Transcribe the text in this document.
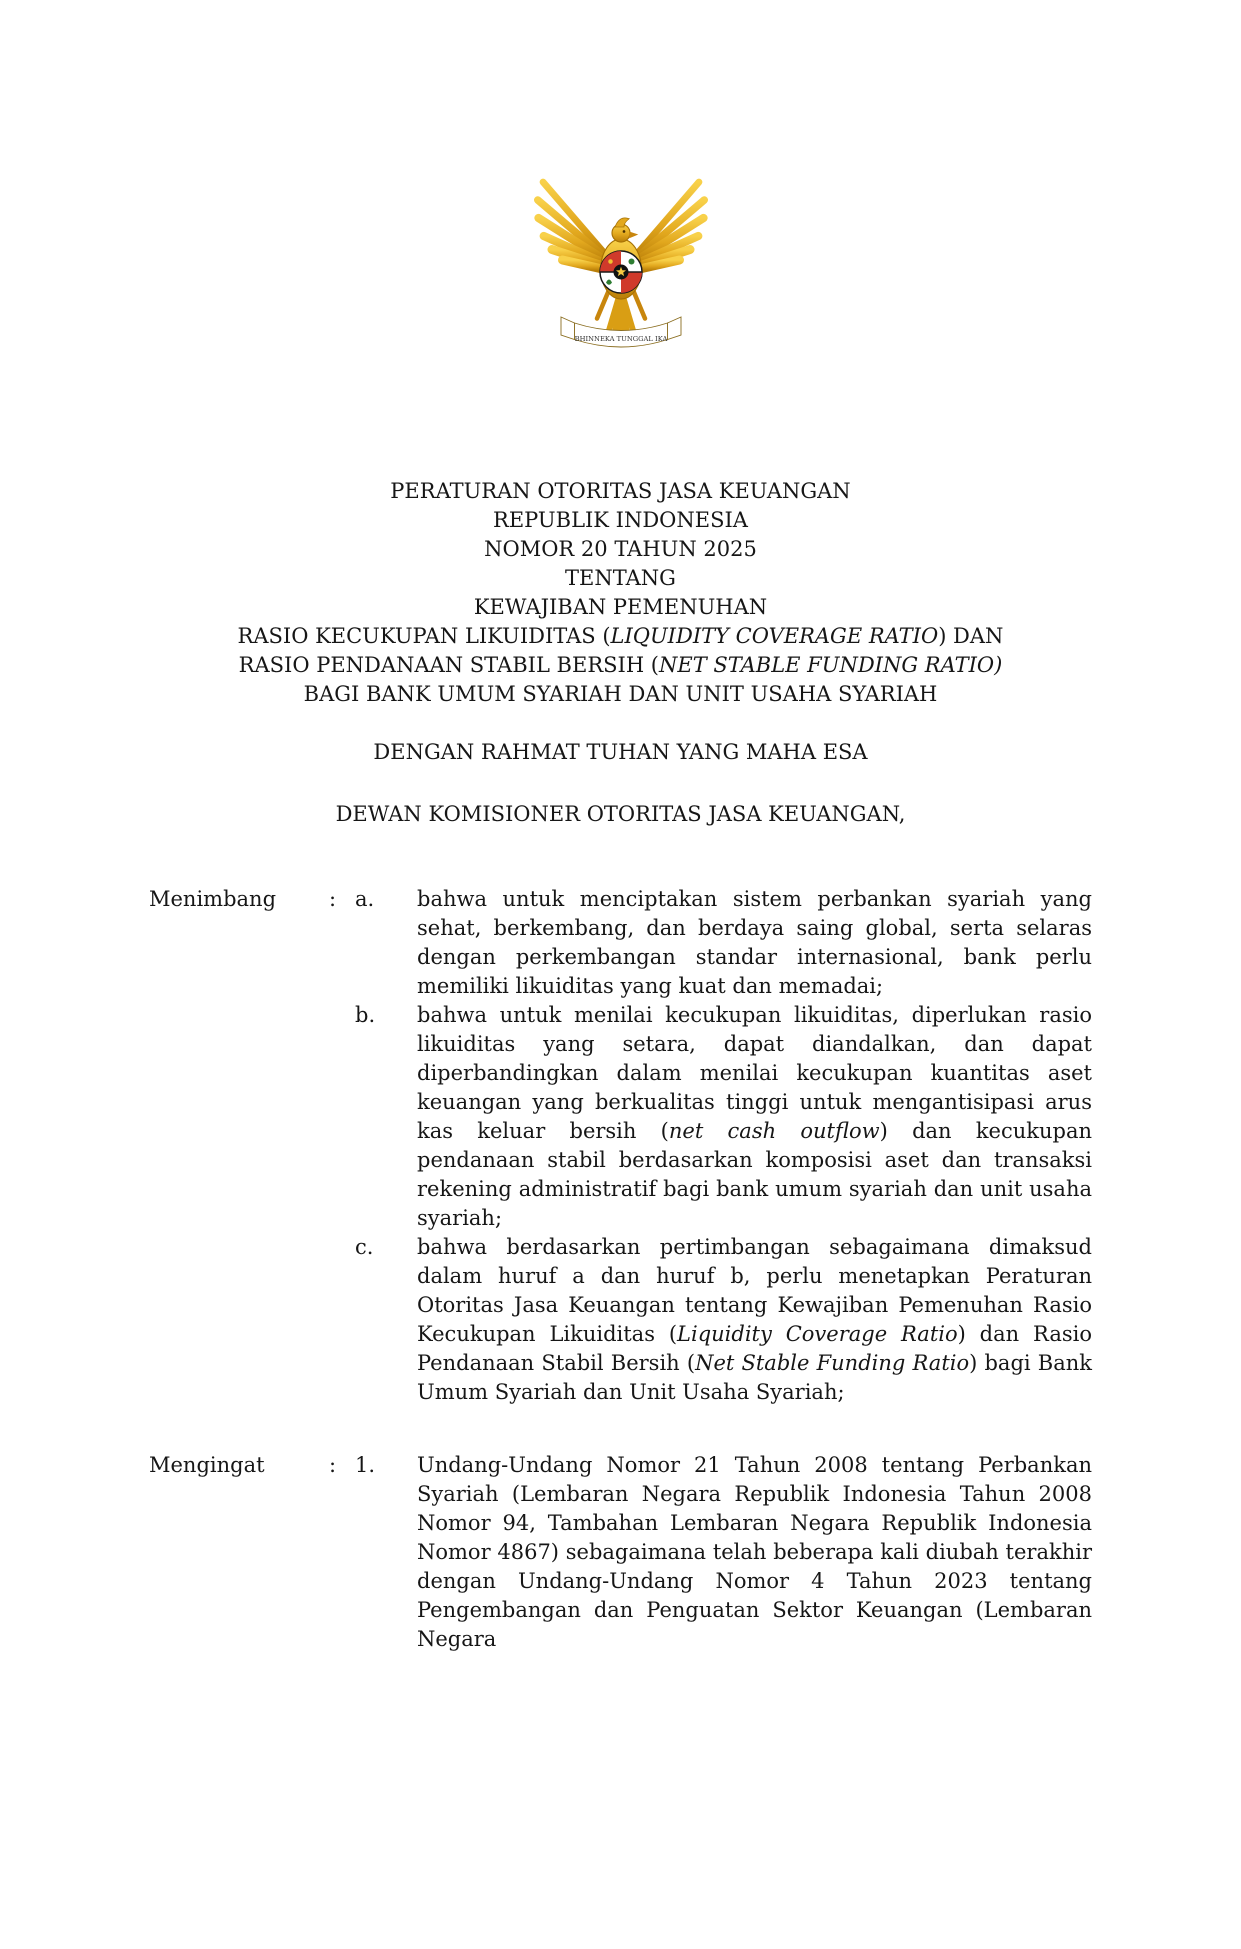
BHINNEKA TUNGGAL IKA
PERATURAN OTORITAS JASA KEUANGAN
REPUBLIK INDONESIA
NOMOR 20 TAHUN 2025
TENTANG
KEWAJIBAN PEMENUHAN
RASIO KECUKUPAN LIKUIDITAS (LIQUIDITY COVERAGE RATIO) DAN
RASIO PENDANAAN STABIL BERSIH (NET STABLE FUNDING RATIO)
BAGI BANK UMUM SYARIAH DAN UNIT USAHA SYARIAH
DENGAN RAHMAT TUHAN YANG MAHA ESA
DEWAN KOMISIONER OTORITAS JASA KEUANGAN,
Menimbang	: a.	bahwa untuk menciptakan sistem perbankan syariah yang sehat, berkembang, dan berdaya saing global, serta selaras dengan perkembangan standar internasional, bank perlu memiliki likuiditas yang kuat dan memadai;
b.	bahwa untuk menilai kecukupan likuiditas, diperlukan rasio likuiditas yang setara, dapat diandalkan, dan dapat diperbandingkan dalam menilai kecukupan kuantitas aset keuangan yang berkualitas tinggi untuk mengantisipasi arus kas keluar bersih (net cash outflow) dan kecukupan pendanaan stabil berdasarkan komposisi aset dan transaksi rekening administratif bagi bank umum syariah dan unit usaha syariah;
c.	bahwa berdasarkan pertimbangan sebagaimana dimaksud dalam huruf a dan huruf b, perlu menetapkan Peraturan Otoritas Jasa Keuangan tentang Kewajiban Pemenuhan Rasio Kecukupan Likuiditas (Liquidity Coverage Ratio) dan Rasio Pendanaan Stabil Bersih (Net Stable Funding Ratio) bagi Bank Umum Syariah dan Unit Usaha Syariah;
Mengingat	: 1.	Undang-Undang Nomor 21 Tahun 2008 tentang Perbankan Syariah (Lembaran Negara Republik Indonesia Tahun 2008 Nomor 94, Tambahan Lembaran Negara Republik Indonesia Nomor 4867) sebagaimana telah beberapa kali diubah terakhir dengan Undang-Undang Nomor 4 Tahun 2023 tentang Pengembangan dan Penguatan Sektor Keuangan (Lembaran Negara
